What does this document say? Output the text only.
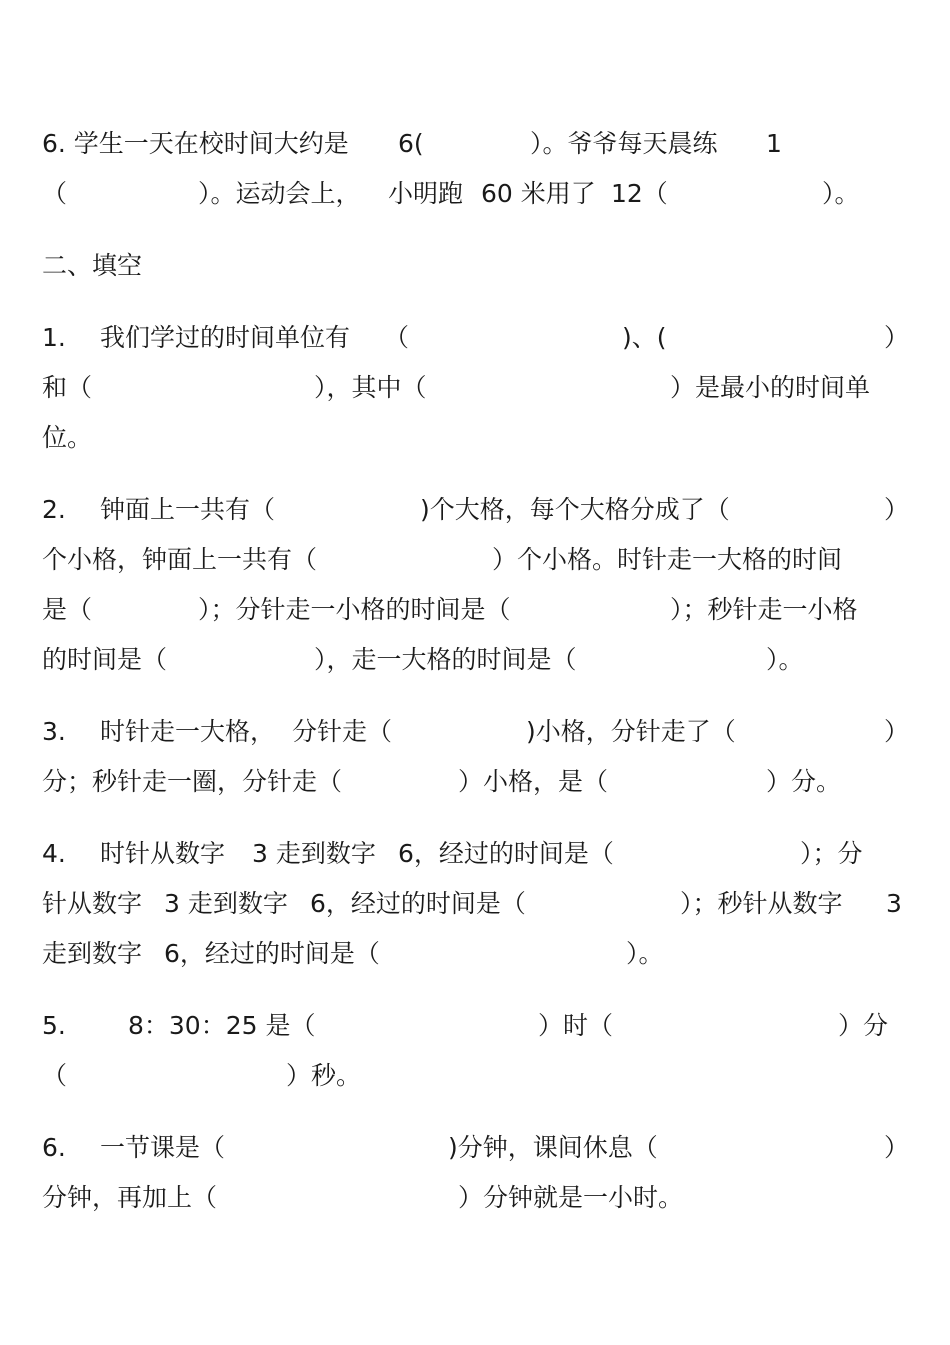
6. 学生一天在校时间大约是 6(	）。爷爷每天晨练 1
（	）。运动会上， 小明跑 60 米用了 12（	）。
二、填空
1. 我们学过的时间单位有 （	)、(	）
和（	），其中（	）是最小的时间单
位。
2. 钟面上一共有（	)个大格，每个大格分成了（	）
个小格，钟面上一共有（	）个小格。时针走一大格的时间
是（	）；分针走一小格的时间是（	）；秒针走一小格
的时间是（	），走一大格的时间是（	）。
3. 时针走一大格， 分针走（	)小格，分针走了（	）
分；秒针走一圈，分针走（	）小格，是（	）分。
4. 时针从数字 3 走到数字 6，经过的时间是（	）；分
针从数字 3 走到数字 6，经过的时间是（	）；秒针从数字 3
走到数字 6，经过的时间是（	）。
5. 8：30：25 是（	）时（	）分
（	）秒。
6. 一节课是（	)分钟，课间休息（	）
分钟，再加上（	）分钟就是一小时。
